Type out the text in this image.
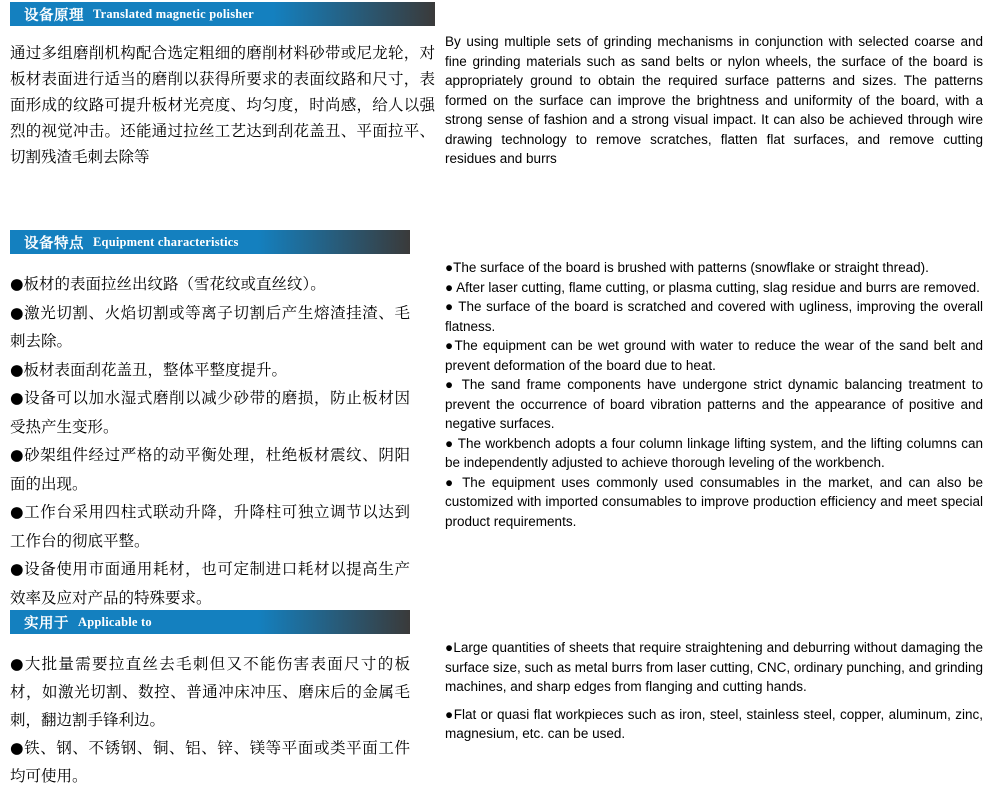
设备原理 Translated magnetic polisher

通过多组磨削机构配合选定粗细的磨削材料砂带或尼龙轮，对板材表面进行适当的磨削以获得所要求的表面纹路和尺寸，表面形成的纹路可提升板材光亮度、均匀度，时尚感，给人以强烈的视觉冲击。还能通过拉丝工艺达到刮花盖丑、平面拉平、切割残渣毛刺去除等

By using multiple sets of grinding mechanisms in conjunction with selected coarse and fine grinding materials such as sand belts or nylon wheels, the surface of the board is appropriately ground to obtain the required surface patterns and sizes. The patterns formed on the surface can improve the brightness and uniformity of the board, with a strong sense of fashion and a strong visual impact. It can also be achieved through wire drawing technology to remove scratches, flatten flat surfaces, and remove cutting residues and burrs

设备特点 Equipment characteristics

●板材的表面拉丝出纹路（雪花纹或直丝纹）。

●激光切割、火焰切割或等离子切割后产生熔渣挂渣、毛刺去除。

●板材表面刮花盖丑，整体平整度提升。

●设备可以加水湿式磨削以减少砂带的磨损，防止板材因受热产生变形。

●砂架组件经过严格的动平衡处理，杜绝板材震纹、阴阳面的出现。

●工作台采用四柱式联动升降，升降柱可独立调节以达到工作台的彻底平整。

●设备使用市面通用耗材，也可定制进口耗材以提高生产效率及应对产品的特殊要求。

●The surface of the board is brushed with patterns (snowflake or straight thread).

● After laser cutting, flame cutting, or plasma cutting, slag residue and burrs are removed.

● The surface of the board is scratched and covered with ugliness, improving the overall flatness.

●The equipment can be wet ground with water to reduce the wear of the sand belt and prevent deformation of the board due to heat.

● The sand frame components have undergone strict dynamic balancing treatment to prevent the occurrence of board vibration patterns and the appearance of positive and negative surfaces.

● The workbench adopts a four column linkage lifting system, and the lifting columns can be independently adjusted to achieve thorough leveling of the workbench.

● The equipment uses commonly used consumables in the market, and can also be customized with imported consumables to improve production efficiency and meet special product requirements.

实用于 Applicable to

●大批量需要拉直丝去毛刺但又不能伤害表面尺寸的板材，如激光切割、数控、普通冲床冲压、磨床后的金属毛刺，翻边割手锋利边。

●铁、钢、不锈钢、铜、铝、锌、镁等平面或类平面工件均可使用。

●Large quantities of sheets that require straightening and deburring without damaging the surface size, such as metal burrs from laser cutting, CNC, ordinary punching, and grinding machines, and sharp edges from flanging and cutting hands.

●Flat or quasi flat workpieces such as iron, steel, stainless steel, copper, aluminum, zinc, magnesium, etc. can be used.
